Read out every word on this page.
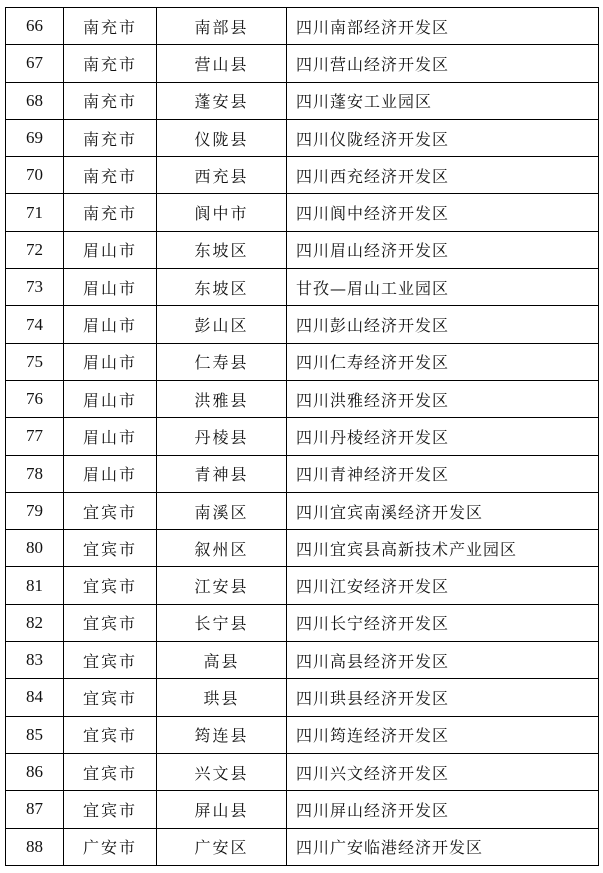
66	南充市	南部县	四川南部经济开发区
67	南充市	营山县	四川营山经济开发区
68	南充市	蓬安县	四川蓬安工业园区
69	南充市	仪陇县	四川仪陇经济开发区
70	南充市	西充县	四川西充经济开发区
71	南充市	阆中市	四川阆中经济开发区
72	眉山市	东坡区	四川眉山经济开发区
73	眉山市	东坡区	甘孜—眉山工业园区
74	眉山市	彭山区	四川彭山经济开发区
75	眉山市	仁寿县	四川仁寿经济开发区
76	眉山市	洪雅县	四川洪雅经济开发区
77	眉山市	丹棱县	四川丹棱经济开发区
78	眉山市	青神县	四川青神经济开发区
79	宜宾市	南溪区	四川宜宾南溪经济开发区
80	宜宾市	叙州区	四川宜宾县高新技术产业园区
81	宜宾市	江安县	四川江安经济开发区
82	宜宾市	长宁县	四川长宁经济开发区
83	宜宾市	高县	四川高县经济开发区
84	宜宾市	珙县	四川珙县经济开发区
85	宜宾市	筠连县	四川筠连经济开发区
86	宜宾市	兴文县	四川兴文经济开发区
87	宜宾市	屏山县	四川屏山经济开发区
88	广安市	广安区	四川广安临港经济开发区
